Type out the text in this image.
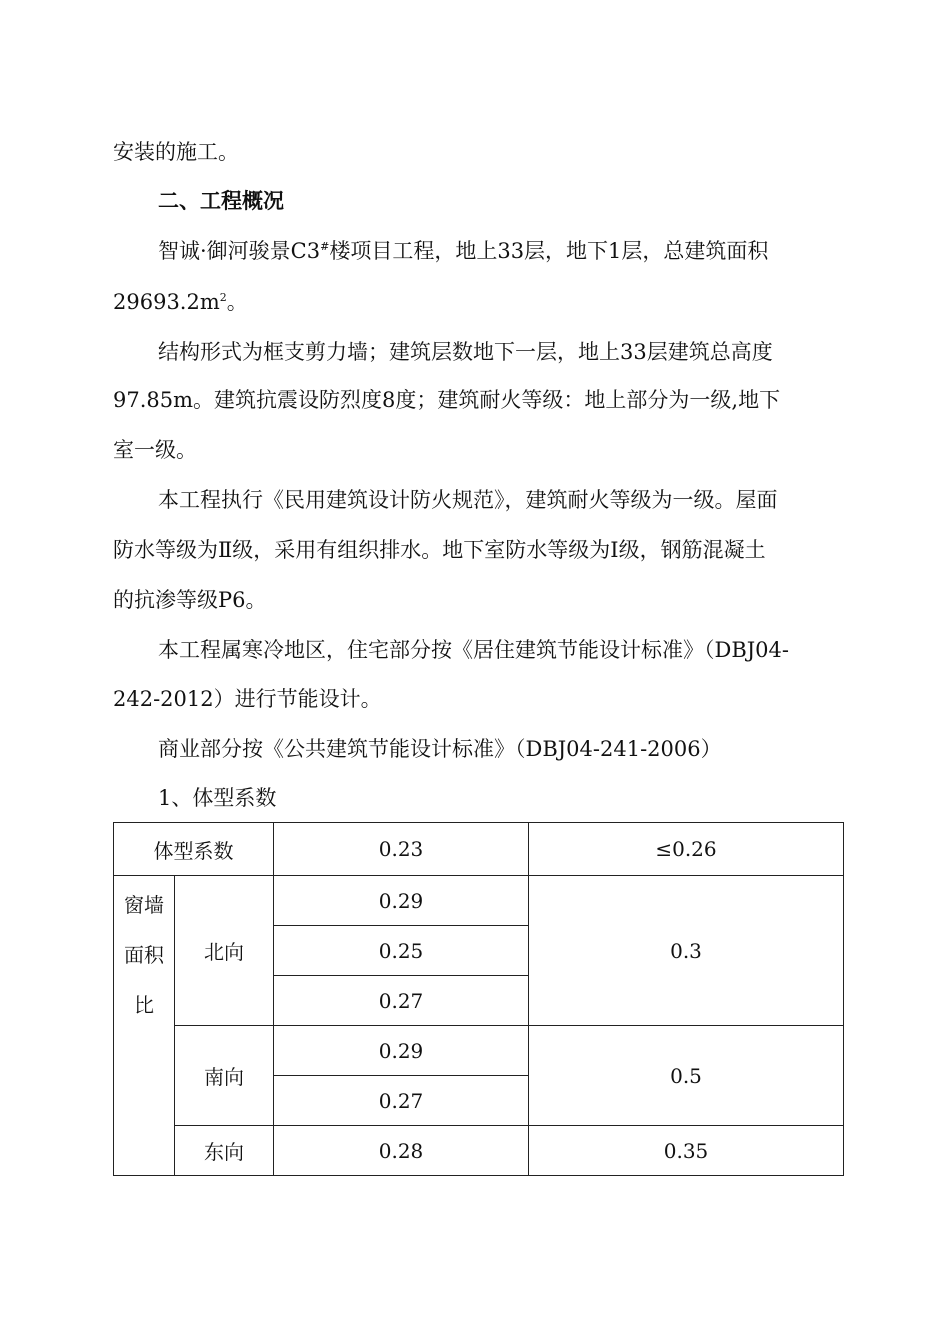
安装的施工。
二、工程概况
智诚·御河骏景C3#楼项目工程，地上33层，地下1层，总建筑面积
$29693.2m^2$。
结构形式为框支剪力墙；建筑层数地下一层，地上33层建筑总高度
97.85m。建筑抗震设防烈度8度；建筑耐火等级：地上部分为一级,地下
室一级。
本工程执行《民用建筑设计防火规范》，建筑耐火等级为一级。屋面
防水等级为Ⅱ级，采用有组织排水。地下室防水等级为Ⅰ级，钢筋混凝土
的抗渗等级P6。
本工程属寒冷地区，住宅部分按《居住建筑节能设计标准》（DBJ04-
242-2012）进行节能设计。
商业部分按《公共建筑节能设计标准》（DBJ04-241-2006）
1、体型系数
体型系数		0.23	≤0.26

窗墙
面积
比	北向	0.29	0.3
		0.25	
		0.27	
	南向	0.29	0.5
		0.27	
	东向	0.28	0.35
